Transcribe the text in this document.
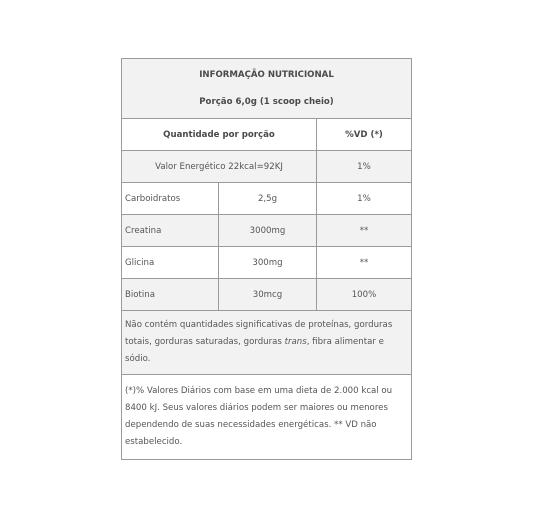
INFORMAÇÃO NUTRICIONAL
Porção 6,0g (1 scoop cheio)
Quantidade por porção	%VD (*)
Valor Energético 22kcal=92KJ	1%
Carboidratos	2,5g	1%
Creatina	3000mg	**
Glicina	300mg	**
Biotina	30mcg	100%
Não contém quantidades significativas de proteínas, gorduras totais, gorduras saturadas, gorduras trans, fibra alimentar e sódio.
(*)% Valores Diários com base em uma dieta de 2.000 kcal ou 8400 kJ. Seus valores diários podem ser maiores ou menores dependendo de suas necessidades energéticas. ** VD não estabelecido.
